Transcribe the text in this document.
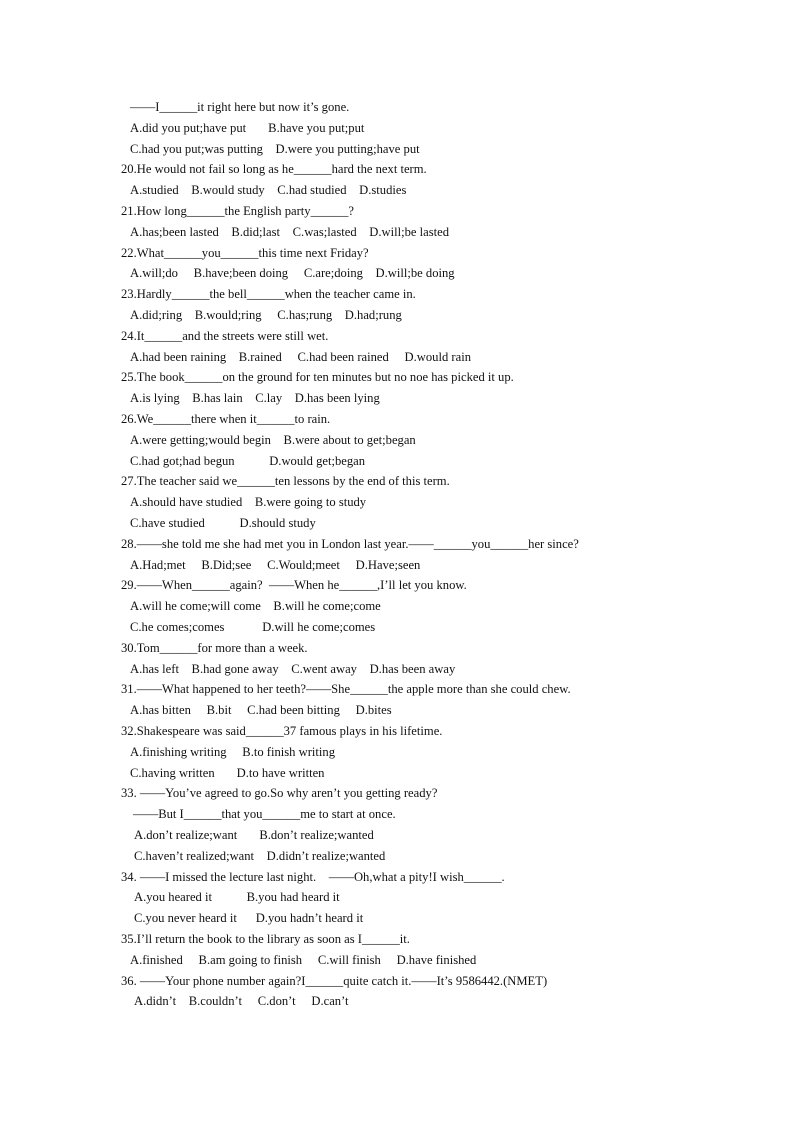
——I______it right here but now it’s gone.
A.did you put;have put       B.have you put;put
C.had you put;was putting    D.were you putting;have put
20.He would not fail so long as he______hard the next term.
A.studied    B.would study    C.had studied    D.studies
21.How long______the English party______?
A.has;been lasted    B.did;last    C.was;lasted    D.will;be lasted
22.What______you______this time next Friday?
A.will;do     B.have;been doing     C.are;doing    D.will;be doing
23.Hardly______the bell______when the teacher came in.
A.did;ring    B.would;ring     C.has;rung    D.had;rung
24.It______and the streets were still wet.
A.had been raining    B.rained     C.had been rained     D.would rain
25.The book______on the ground for ten minutes but no noe has picked it up.
A.is lying    B.has lain    C.lay    D.has been lying
26.We______there when it______to rain.
A.were getting;would begin    B.were about to get;began
C.had got;had begun           D.would get;began
27.The teacher said we______ten lessons by the end of this term.
A.should have studied    B.were going to study
C.have studied           D.should study
28.——she told me she had met you in London last year.——______you______her since?
A.Had;met     B.Did;see     C.Would;meet     D.Have;seen
29.——When______again?  ——When he______,I’ll let you know.
A.will he come;will come    B.will he come;come
C.he comes;comes            D.will he come;comes
30.Tom______for more than a week.
A.has left    B.had gone away    C.went away    D.has been away
31.——What happened to her teeth?——She______the apple more than she could chew.
A.has bitten     B.bit     C.had been bitting     D.bites
32.Shakespeare was said______37 famous plays in his lifetime.
A.finishing writing     B.to finish writing
C.having written       D.to have written
33. ——You’ve agreed to go.So why aren’t you getting ready?
——But I______that you______me to start at once.
A.don’t realize;want       B.don’t realize;wanted
C.haven’t realized;want    D.didn’t realize;wanted
34. ——I missed the lecture last night.    ——Oh,what a pity!I wish______.
A.you heared it           B.you had heard it
C.you never heard it      D.you hadn’t heard it
35.I’ll return the book to the library as soon as I______it.
A.finished     B.am going to finish     C.will finish     D.have finished
36. ——Your phone number again?I______quite catch it.——It’s 9586442.(NMET)
A.didn’t    B.couldn’t     C.don’t     D.can’t
